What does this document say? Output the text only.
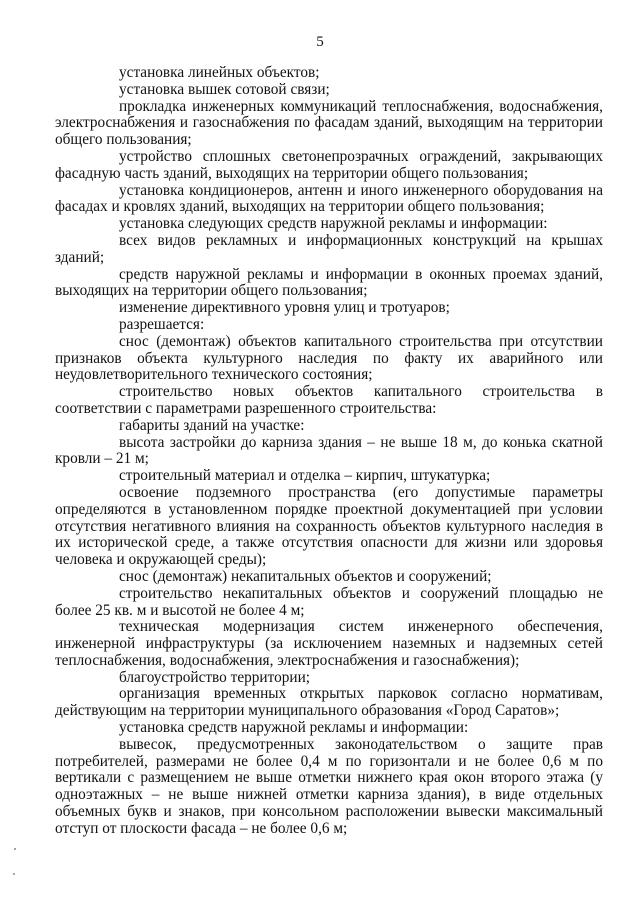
5

установка линейных объектов;

установка вышек сотовой связи;

прокладка инженерных коммуникаций теплоснабжения, водоснабжения, электроснабжения и газоснабжения по фасадам зданий, выходящим на территории общего пользования;

устройство сплошных светонепрозрачных ограждений, закрывающих фасадную часть зданий, выходящих на территории общего пользования;

установка кондиционеров, антенн и иного инженерного оборудования на фасадах и кровлях зданий, выходящих на территории общего пользования;

установка следующих средств наружной рекламы и информации:

всех видов рекламных и информационных конструкций на крышах зданий;

средств наружной рекламы и информации в оконных проемах зданий, выходящих на территории общего пользования;

изменение директивного уровня улиц и тротуаров;

разрешается:

снос (демонтаж) объектов капитального строительства при отсутствии признаков объекта культурного наследия по факту их аварийного или неудовлетворительного технического состояния;

строительство новых объектов капитального строительства в соответствии с параметрами разрешенного строительства:

габариты зданий на участке:

высота застройки до карниза здания – не выше 18 м, до конька скатной кровли – 21 м;

строительный материал и отделка – кирпич, штукатурка;

освоение подземного пространства (его допустимые параметры определяются в установленном порядке проектной документацией при условии отсутствия негативного влияния на сохранность объектов культурного наследия в их исторической среде, а также отсутствия опасности для жизни или здоровья человека и окружающей среды);

снос (демонтаж) некапитальных объектов и сооружений;

строительство некапитальных объектов и сооружений площадью не более 25 кв. м и высотой не более 4 м;

техническая модернизация систем инженерного обеспечения, инженерной инфраструктуры (за исключением наземных и надземных сетей теплоснабжения, водоснабжения, электроснабжения и газоснабжения);

благоустройство территории;

организация временных открытых парковок согласно нормативам, действующим на территории муниципального образования «Город Саратов»;

установка средств наружной рекламы и информации:

вывесок, предусмотренных законодательством о защите прав потребителей, размерами не более 0,4 м по горизонтали и не более 0,6 м по вертикали с размещением не выше отметки нижнего края окон второго этажа (у одноэтажных – не выше нижней отметки карниза здания), в виде отдельных объемных букв и знаков, при консольном расположении вывески максимальный отступ от плоскости фасада – не более 0,6 м;
